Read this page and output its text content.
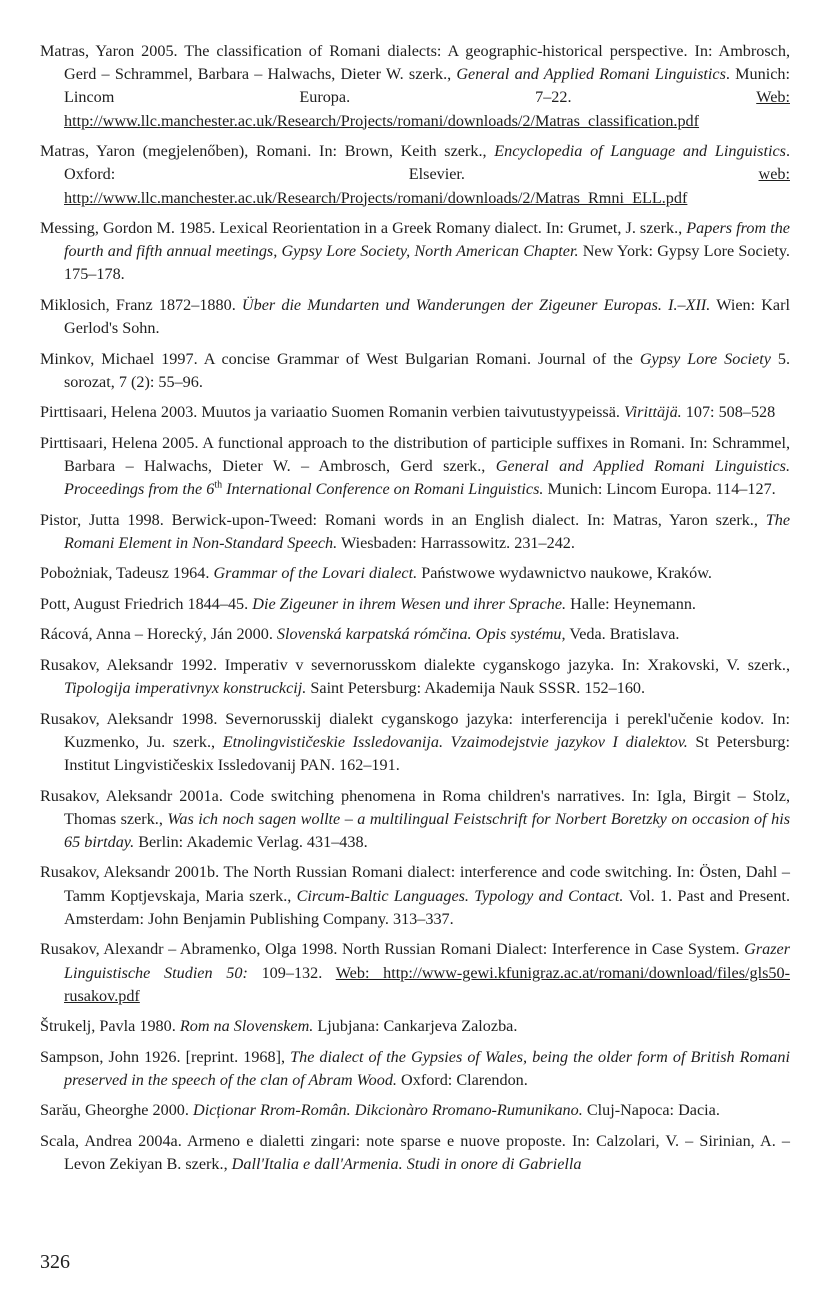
Matras, Yaron 2005. The classification of Romani dialects: A geographic-historical perspective. In: Ambrosch, Gerd – Schrammel, Barbara – Halwachs, Dieter W. szerk., General and Applied Romani Linguistics. Munich: Lincom Europa. 7–22. Web: http://www.llc.manchester.ac.uk/Research/Projects/romani/downloads/2/Matras_classification.pdf

Matras, Yaron (megjelenőben), Romani. In: Brown, Keith szerk., Encyclopedia of Language and Linguistics. Oxford: Elsevier. web: http://www.llc.manchester.ac.uk/Research/Projects/romani/downloads/2/Matras_Rmni_ELL.pdf

Messing, Gordon M. 1985. Lexical Reorientation in a Greek Romany dialect. In: Grumet, J. szerk., Papers from the fourth and fifth annual meetings, Gypsy Lore Society, North American Chapter. New York: Gypsy Lore Society. 175–178.

Miklosich, Franz 1872–1880. Über die Mundarten und Wanderungen der Zigeuner Europas. I.–XII. Wien: Karl Gerlod's Sohn.

Minkov, Michael 1997. A concise Grammar of West Bulgarian Romani. Journal of the Gypsy Lore Society 5. sorozat, 7 (2): 55–96.

Pirttisaari, Helena 2003. Muutos ja variaatio Suomen Romanin verbien taivutustyypeissä. Virittäjä. 107: 508–528

Pirttisaari, Helena 2005. A functional approach to the distribution of participle suffixes in Romani. In: Schrammel, Barbara – Halwachs, Dieter W. – Ambrosch, Gerd szerk., General and Applied Romani Linguistics. Proceedings from the 6th International Conference on Romani Linguistics. Munich: Lincom Europa. 114–127.

Pistor, Jutta 1998. Berwick-upon-Tweed: Romani words in an English dialect. In: Matras, Yaron szerk., The Romani Element in Non-Standard Speech. Wiesbaden: Harrassowitz. 231–242.

Pobożniak, Tadeusz 1964. Grammar of the Lovari dialect. Państwowe wydawnictvo naukowe, Kraków.

Pott, August Friedrich 1844–45. Die Zigeuner in ihrem Wesen und ihrer Sprache. Halle: Heynemann.

Rácová, Anna – Horecký, Ján 2000. Slovenská karpatská rómčina. Opis systému, Veda. Bratislava.

Rusakov, Aleksandr 1992. Imperativ v severnorusskom dialekte cyganskogo jazyka. In: Xrakovski, V. szerk., Tipologija imperativnyx konstruckcij. Saint Petersburg: Akademija Nauk SSSR. 152–160.

Rusakov, Aleksandr 1998. Severnorusskij dialekt cyganskogo jazyka: interferencija i perekl'učenie kodov. In: Kuzmenko, Ju. szerk., Etnolingvističeskie Issledovanija. Vzaimodejstvie jazykov I dialektov. St Petersburg: Institut Lingvističeskix Issledovanij PAN. 162–191.

Rusakov, Aleksandr 2001a. Code switching phenomena in Roma children's narratives. In: Igla, Birgit – Stolz, Thomas szerk., Was ich noch sagen wollte – a multilingual Feistschrift for Norbert Boretzky on occasion of his 65 birtday. Berlin: Akademic Verlag. 431–438.

Rusakov, Aleksandr 2001b. The North Russian Romani dialect: interference and code switching. In: Östen, Dahl – Tamm Koptjevskaja, Maria szerk., Circum-Baltic Languages. Typology and Contact. Vol. 1. Past and Present. Amsterdam: John Benjamin Publishing Company. 313–337.

Rusakov, Alexandr – Abramenko, Olga 1998. North Russian Romani Dialect: Interference in Case System. Grazer Linguistische Studien 50: 109–132. Web: http://www-gewi.kfunigraz.ac.at/romani/download/files/gls50-rusakov.pdf

Štrukelj, Pavla 1980. Rom na Slovenskem. Ljubjana: Cankarjeva Zalozba.

Sampson, John 1926. [reprint. 1968], The dialect of the Gypsies of Wales, being the older form of British Romani preserved in the speech of the clan of Abram Wood. Oxford: Clarendon.

Sarău, Gheorghe 2000. Dicționar Rrom-Român. Dikcionàro Rromano-Rumunikano. Cluj-Napoca: Dacia.

Scala, Andrea 2004a. Armeno e dialetti zingari: note sparse e nuove proposte. In: Calzolari, V. – Sirinian, A. – Levon Zekiyan B. szerk., Dall'Italia e dall'Armenia. Studi in onore di Gabriella

326
